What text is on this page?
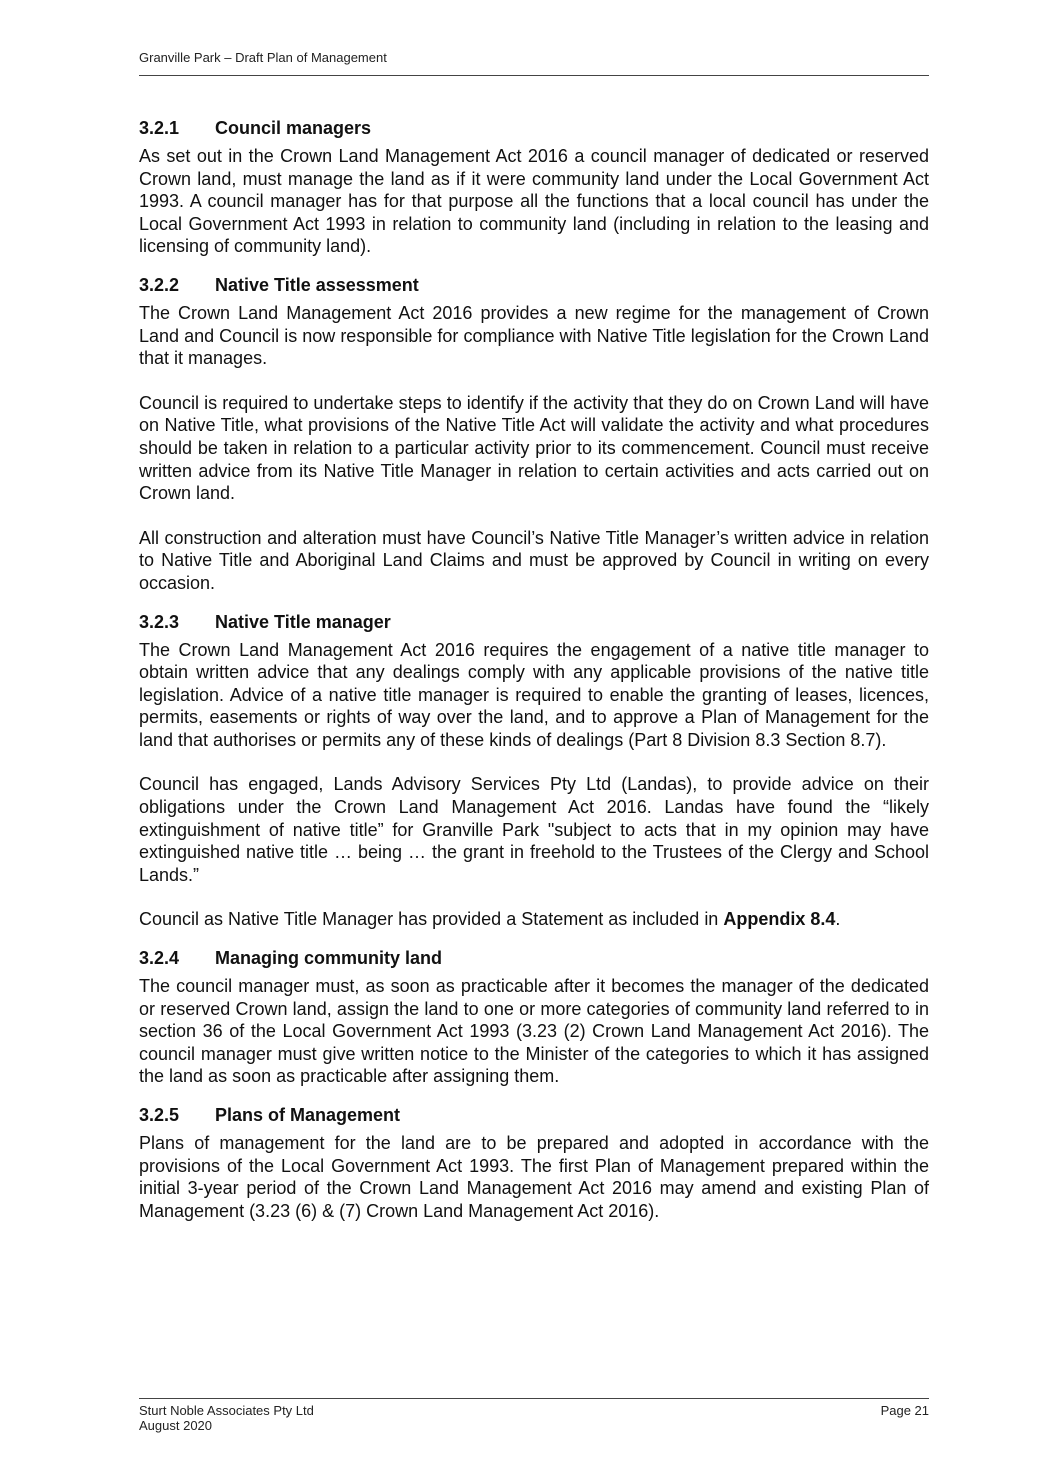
Granville Park – Draft Plan of Management
3.2.1	Council managers

As set out in the Crown Land Management Act 2016 a council manager of dedicated or reserved Crown land, must manage the land as if it were community land under the Local Government Act 1993. A council manager has for that purpose all the functions that a local council has under the Local Government Act 1993 in relation to community land (including in relation to the leasing and licensing of community land).

3.2.2	Native Title assessment

The Crown Land Management Act 2016 provides a new regime for the management of Crown Land and Council is now responsible for compliance with Native Title legislation for the Crown Land that it manages.

Council is required to undertake steps to identify if the activity that they do on Crown Land will have on Native Title, what provisions of the Native Title Act will validate the activity and what procedures should be taken in relation to a particular activity prior to its commencement. Council must receive written advice from its Native Title Manager in relation to certain activities and acts carried out on Crown land.

All construction and alteration must have Council’s Native Title Manager’s written advice in relation to Native Title and Aboriginal Land Claims and must be approved by Council in writing on every occasion.

3.2.3	Native Title manager

The Crown Land Management Act 2016 requires the engagement of a native title manager to obtain written advice that any dealings comply with any applicable provisions of the native title legislation. Advice of a native title manager is required to enable the granting of leases, licences, permits, easements or rights of way over the land, and to approve a Plan of Management for the land that authorises or permits any of these kinds of dealings (Part 8 Division 8.3 Section 8.7).

Council has engaged, Lands Advisory Services Pty Ltd (Landas), to provide advice on their obligations under the Crown Land Management Act 2016. Landas have found the “likely extinguishment of native title” for Granville Park "subject to acts that in my opinion may have extinguished native title … being … the grant in freehold to the Trustees of the Clergy and School Lands.”

Council as Native Title Manager has provided a Statement as included in Appendix 8.4.

3.2.4	Managing community land

The council manager must, as soon as practicable after it becomes the manager of the dedicated or reserved Crown land, assign the land to one or more categories of community land referred to in section 36 of the Local Government Act 1993 (3.23 (2) Crown Land Management Act 2016). The council manager must give written notice to the Minister of the categories to which it has assigned the land as soon as practicable after assigning them.

3.2.5	Plans of Management

Plans of management for the land are to be prepared and adopted in accordance with the provisions of the Local Government Act 1993. The first Plan of Management prepared within the initial 3-year period of the Crown Land Management Act 2016 may amend and existing Plan of Management (3.23 (6) & (7) Crown Land Management Act 2016).

Sturt Noble Associates Pty Ltd
August 2020
Page 21
